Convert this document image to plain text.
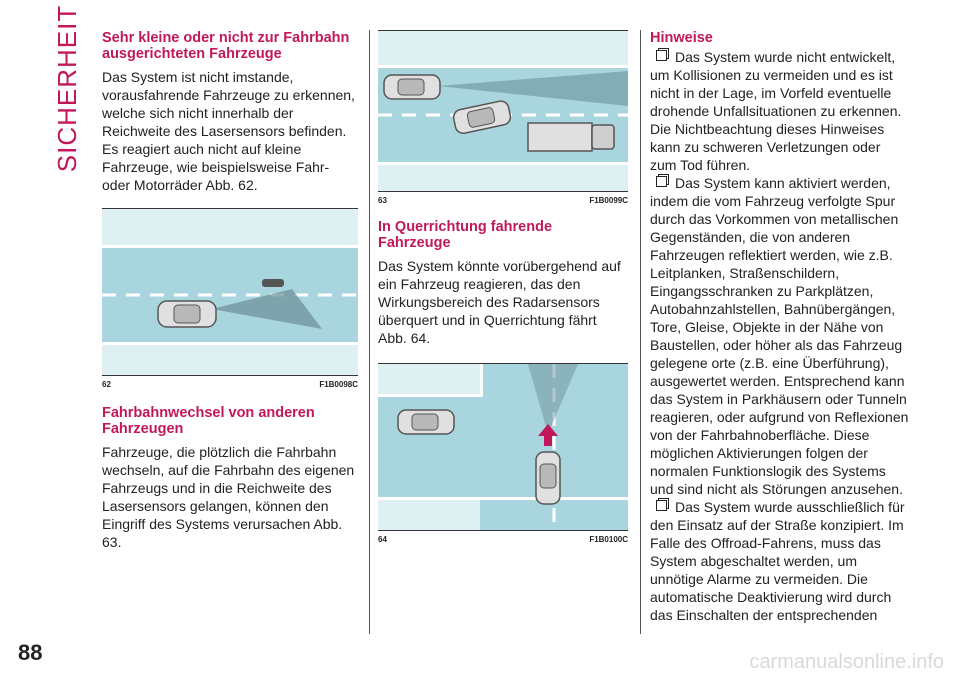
SICHERHEIT Sehr kleine oder nicht zur Fahrbahn ausgerichteten Fahrzeuge

Das System ist nicht imstande, vorausfahrende Fahrzeuge zu erkennen, welche sich nicht innerhalb der Reichweite des Lasersensors befinden. Es reagiert auch nicht auf kleine Fahrzeuge, wie beispielsweise Fahr- oder Motorräder Abb. 62.

62	F1B0098C
Fahrbahnwechsel von anderen Fahrzeugen

Fahrzeuge, die plötzlich die Fahrbahn wechseln, auf die Fahrbahn des eigenen Fahrzeugs und in die Reichweite des Lasersensors gelangen, können den Eingriff des Systems verursachen Abb. 63.

63	F1B0099C
In Querrichtung fahrende Fahrzeuge

Das System könnte vorübergehend auf ein Fahrzeug reagieren, das den Wirkungsbereich des Radarsensors überquert und in Querrichtung fährt Abb. 64.

64	F1B0100C
Hinweise

Das System wurde nicht entwickelt, um Kollisionen zu vermeiden und es ist nicht in der Lage, im Vorfeld eventuelle drohende Unfallsituationen zu erkennen. Die Nichtbeachtung dieses Hinweises kann zu schweren Verletzungen oder zum Tod führen.

Das System kann aktiviert werden, indem die vom Fahrzeug verfolgte Spur durch das Vorkommen von metallischen Gegenständen, die von anderen Fahrzeugen reflektiert werden, wie z.B. Leitplanken, Straßenschildern, Eingangsschranken zu Parkplätzen, Autobahnzahlstellen, Bahnübergängen, Tore, Gleise, Objekte in der Nähe von Baustellen, oder höher als das Fahrzeug gelegene orte (z.B. eine Überführung), ausgewertet werden. Entsprechend kann das System in Parkhäusern oder Tunneln reagieren, oder aufgrund von Reflexionen von der Fahrbahnoberfläche. Diese möglichen Aktivierungen folgen der normalen Funktionslogik des Systems und sind nicht als Störungen anzusehen.

Das System wurde ausschließlich für den Einsatz auf der Straße konzipiert. Im Falle des Offroad-Fahrens, muss das System abgeschaltet werden, um unnötige Alarme zu vermeiden. Die automatische Deaktivierung wird durch das Einschalten der entsprechenden

88	carmanualsonline.info
